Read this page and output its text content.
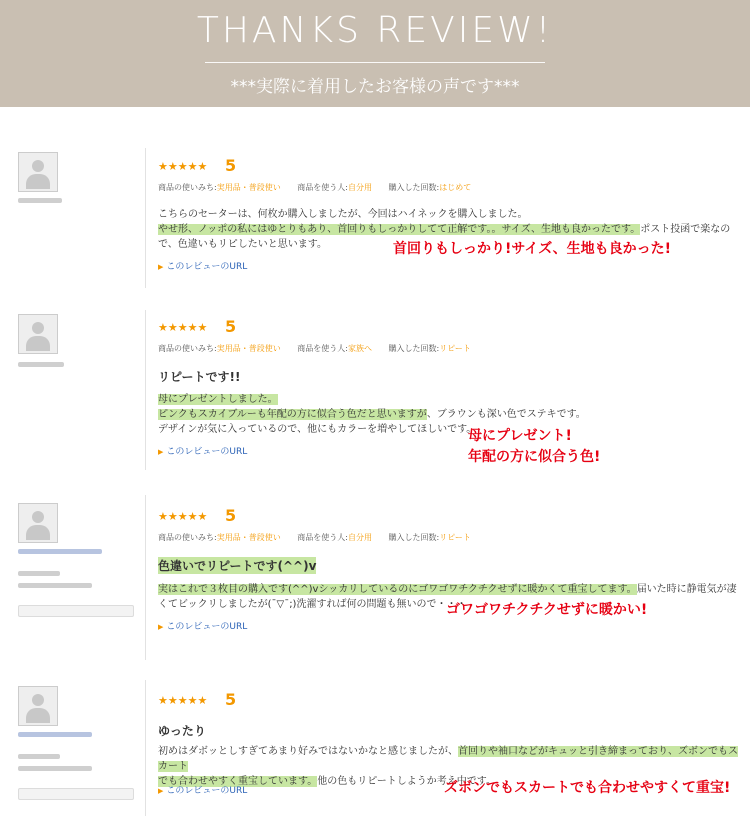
THANKS REVIEW!
***実際に着用したお客様の声です***
★★★★★ 5
商品の使いみち:実用品・普段使い 商品を使う人:自分用 購入した回数:はじめて
こちらのセーターは、何枚か購入しましたが、今回はハイネックを購入しました。
やせ形、ノッポの私にはゆとりもあり、首回りもしっかりしてて正解です。。サイズ、生地も良かったです。ポスト投函で楽なので、色違いもリピしたいと思います。
▶ このレビューのURL
首回りもしっかり!サイズ、生地も良かった!
★★★★★ 5
商品の使いみち:実用品・普段使い 商品を使う人:家族へ 購入した回数:リピート
リピートです!!
母にプレゼントしました。
ピンクもスカイブルーも年配の方に似合う色だと思いますが、ブラウンも深い色でステキです。
デザインが気に入っているので、他にもカラーを増やしてほしいです。
▶ このレビューのURL
母にプレゼント!
年配の方に似合う色!
★★★★★ 5
商品の使いみち:実用品・普段使い 商品を使う人:自分用 購入した回数:リピート
色違いでリピートです(^^)v
実はこれで３枚目の購入です(^^)vシッカリしているのにゴワゴワチクチクせずに暖かくて重宝してます。届いた時に静電気が凄くてビックリしましたが(¯▽¯;)洗濯すれば何の問題も無いので・・・
▶ このレビューのURL
ゴワゴワチクチクせずに暖かい!
★★★★★ 5
ゆったり
初めはダボッとしすぎてあまり好みではないかなと感じましたが、首回りや袖口などがキュッと引き締まっており、ズボンでもスカート
でも合わせやすく重宝しています。他の色もリピートしようか考え中です。
▶ このレビューのURL	ズボンでもスカートでも合わせやすくて重宝!
